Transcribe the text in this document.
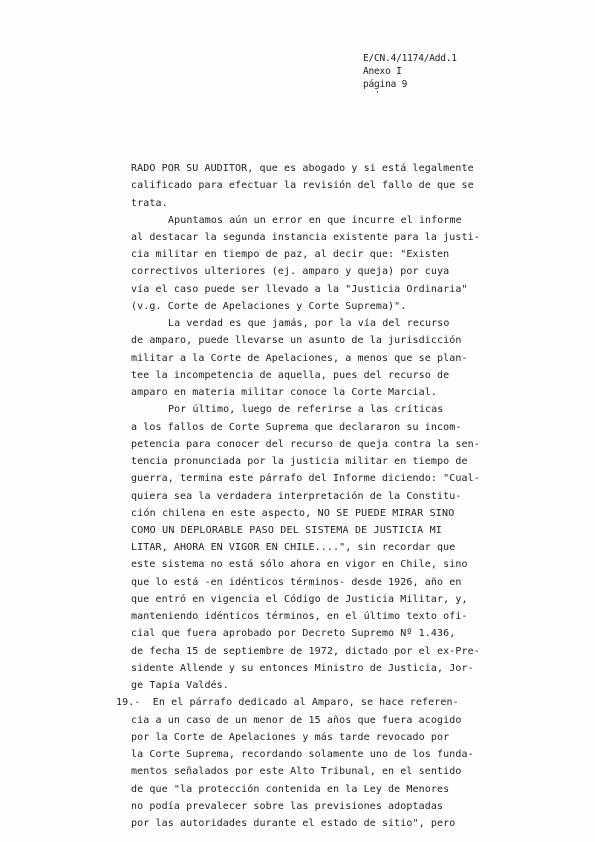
E/CN.4/1174/Add.1
Anexo I
página 9
'
RADO POR SU AUDITOR, que es abogado y si está legalmente
calificado para efectuar la revisión del fallo de que se
trata.
Apuntamos aún un error en que incurre el informe
al destacar la segunda instancia existente para la justi-
cia militar en tiempo de paz, al decir que: "Existen
correctivos ulteriores (ej. amparo y queja) por cuya
vía el caso puede ser llevado a la "Justicia Ordinaria"
(v.g. Corte de Apelaciones y Corte Suprema)".
La verdad es que jamás, por la vía del recurso
de amparo, puede llevarse un asunto de la jurisdicción
militar a la Corte de Apelaciones, a menos que se plan-
tee la incompetencia de aquella, pues del recurso de
amparo en materia militar conoce la Corte Marcial.
Por último, luego de referirse a las críticas
a los fallos de Corte Suprema que declararon su incom-
petencia para conocer del recurso de queja contra la sen-
tencia pronunciada por la justicia militar en tiempo de
guerra, termina este párrafo del Informe diciendo: "Cual-
quiera sea la verdadera interpretación de la Constitu-
ción chilena en este aspecto, NO SE PUEDE MIRAR SINO
COMO UN DEPLORABLE PASO DEL SISTEMA DE JUSTICIA MI
LITAR, AHORA EN VIGOR EN CHILE....", sin recordar que
este sistema no está sólo ahora en vigor en Chile, sino
que lo está -en idénticos términos- desde 1926, año en
que entró en vigencia el Código de Justicia Militar, y,
manteniendo idénticos términos, en el último texto ofi-
cial que fuera aprobado por Decreto Supremo Nº 1.436,
de fecha 15 de septiembre de 1972, dictado por el ex-Pre-
sidente Allende y su entonces Ministro de Justicia, Jor-
ge Tapia Valdés.
19.-  En el párrafo dedicado al Amparo, se hace referen-
cia a un caso de un menor de 15 años que fuera acogido
por la Corte de Apelaciones y más tarde revocado por
la Corte Suprema, recordando solamente uno de los funda-
mentos señalados por este Alto Tribunal, en el sentido
de que "la protección contenida en la Ley de Menores
no podía prevalecer sobre las previsiones adoptadas
por las autoridades durante el estado de sitio", pero
